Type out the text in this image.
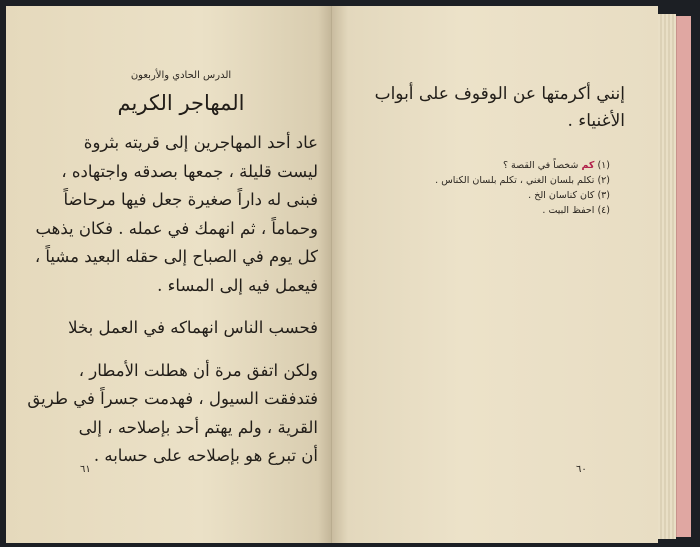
الدرس الحادي والأربعون
المهاجر الكريم
عاد أحد المهاجرين إلى قريته بثروة
ليست قليلة ، جمعها بصدقه واجتهاده ،
فبنى له داراً صغيرة جعل فيها مرحاضاً
وحماماً ، ثم انهمك في عمله . فكان يذهب
كل يوم في الصباح إلى حقله البعيد مشياً ،
فيعمل فيه إلى المساء .
فحسب الناس انهماكه في العمل بخلا
ولكن اتفق مرة أن هطلت الأمطار ،
فتدفقت السيول ، فهدمت جسراً في طريق
القرية ، ولم يهتم أحد بإصلاحه ، إلى
أن تبرع هو بإصلاحه على حسابه .
٦١
إنني أكرمتها عن الوقوف على أبواب
الأغنياء .
(١) كم شخصاً في القصة ؟
(٢) تكلم بلسان الغني ، تكلم بلسان الكناس .
(٣) كان كناسان الخ .
(٤) احفظ البيت .
٦٠
